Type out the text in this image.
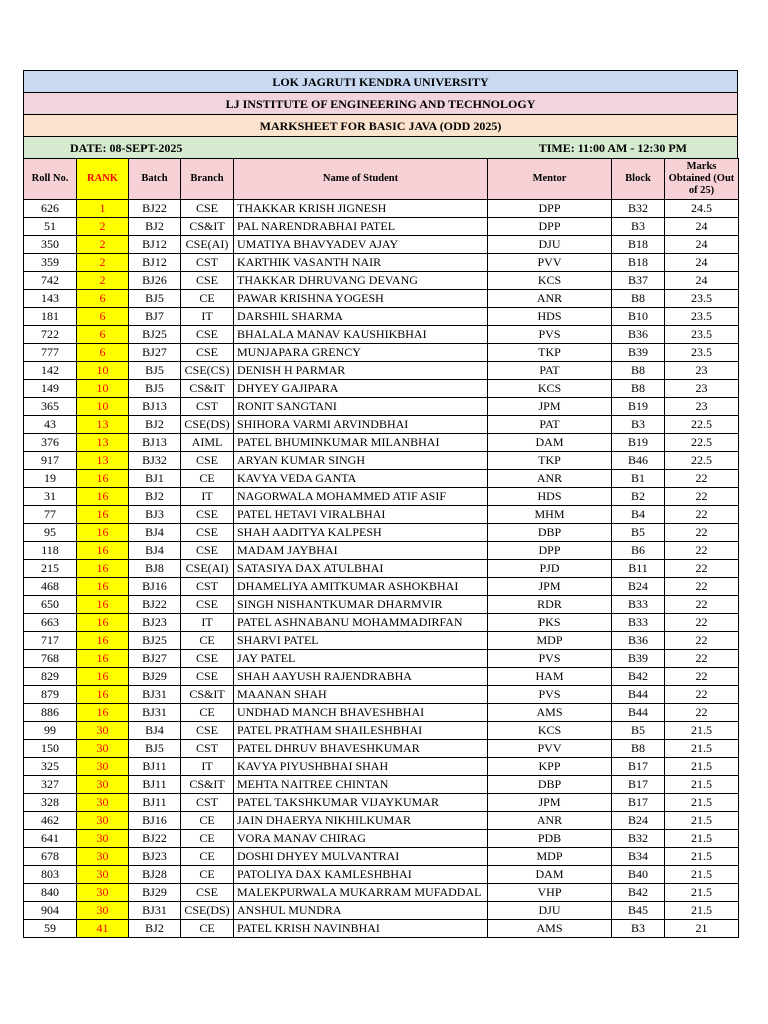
LOK JAGRUTI KENDRA UNIVERSITY
LJ INSTITUTE OF ENGINEERING AND TECHNOLOGY
MARKSHEET FOR BASIC JAVA (ODD 2025)
DATE: 08-SEPT-2025	TIME: 11:00 AM - 12:30 PM
Roll No.	RANK	Batch	Branch	Name of Student	Mentor	Block	Marks Obtained (Out of 25)
626	1	BJ22	CSE	THAKKAR KRISH JIGNESH	DPP	B32	24.5
51	2	BJ2	CS&IT	PAL NARENDRABHAI PATEL	DPP	B3	24
350	2	BJ12	CSE(AI)	UMATIYA BHAVYADEV AJAY	DJU	B18	24
359	2	BJ12	CST	KARTHIK VASANTH NAIR	PVV	B18	24
742	2	BJ26	CSE	THAKKAR DHRUVANG DEVANG	KCS	B37	24
143	6	BJ5	CE	PAWAR KRISHNA YOGESH	ANR	B8	23.5
181	6	BJ7	IT	DARSHIL SHARMA	HDS	B10	23.5
722	6	BJ25	CSE	BHALALA MANAV KAUSHIKBHAI	PVS	B36	23.5
777	6	BJ27	CSE	MUNJAPARA GRENCY	TKP	B39	23.5
142	10	BJ5	CSE(CS)	DENISH H PARMAR	PAT	B8	23
149	10	BJ5	CS&IT	DHYEY GAJIPARA	KCS	B8	23
365	10	BJ13	CST	RONIT SANGTANI	JPM	B19	23
43	13	BJ2	CSE(DS)	SHIHORA VARMI ARVINDBHAI	PAT	B3	22.5
376	13	BJ13	AIML	PATEL BHUMINKUMAR MILANBHAI	DAM	B19	22.5
917	13	BJ32	CSE	ARYAN KUMAR SINGH	TKP	B46	22.5
19	16	BJ1	CE	KAVYA VEDA GANTA	ANR	B1	22
31	16	BJ2	IT	NAGORWALA MOHAMMED ATIF ASIF	HDS	B2	22
77	16	BJ3	CSE	PATEL HETAVI VIRALBHAI	MHM	B4	22
95	16	BJ4	CSE	SHAH AADITYA KALPESH	DBP	B5	22
118	16	BJ4	CSE	MADAM JAYBHAI	DPP	B6	22
215	16	BJ8	CSE(AI)	SATASIYA DAX ATULBHAI	PJD	B11	22
468	16	BJ16	CST	DHAMELIYA AMITKUMAR ASHOKBHAI	JPM	B24	22
650	16	BJ22	CSE	SINGH NISHANTKUMAR DHARMVIR	RDR	B33	22
663	16	BJ23	IT	PATEL ASHNABANU MOHAMMADIRFAN	PKS	B33	22
717	16	BJ25	CE	SHARVI PATEL	MDP	B36	22
768	16	BJ27	CSE	JAY PATEL	PVS	B39	22
829	16	BJ29	CSE	SHAH AAYUSH RAJENDRABHA	HAM	B42	22
879	16	BJ31	CS&IT	MAANAN SHAH	PVS	B44	22
886	16	BJ31	CE	UNDHAD MANCH BHAVESHBHAI	AMS	B44	22
99	30	BJ4	CSE	PATEL PRATHAM SHAILESHBHAI	KCS	B5	21.5
150	30	BJ5	CST	PATEL DHRUV BHAVESHKUMAR	PVV	B8	21.5
325	30	BJ11	IT	KAVYA PIYUSHBHAI SHAH	KPP	B17	21.5
327	30	BJ11	CS&IT	MEHTA NAITREE CHINTAN	DBP	B17	21.5
328	30	BJ11	CST	PATEL TAKSHKUMAR VIJAYKUMAR	JPM	B17	21.5
462	30	BJ16	CE	JAIN DHAERYA NIKHILKUMAR	ANR	B24	21.5
641	30	BJ22	CE	VORA MANAV CHIRAG	PDB	B32	21.5
678	30	BJ23	CE	DOSHI DHYEY MULVANTRAI	MDP	B34	21.5
803	30	BJ28	CE	PATOLIYA DAX KAMLESHBHAI	DAM	B40	21.5
840	30	BJ29	CSE	MALEKPURWALA MUKARRAM MUFADDAL	VHP	B42	21.5
904	30	BJ31	CSE(DS)	ANSHUL MUNDRA	DJU	B45	21.5
59	41	BJ2	CE	PATEL KRISH NAVINBHAI	AMS	B3	21
